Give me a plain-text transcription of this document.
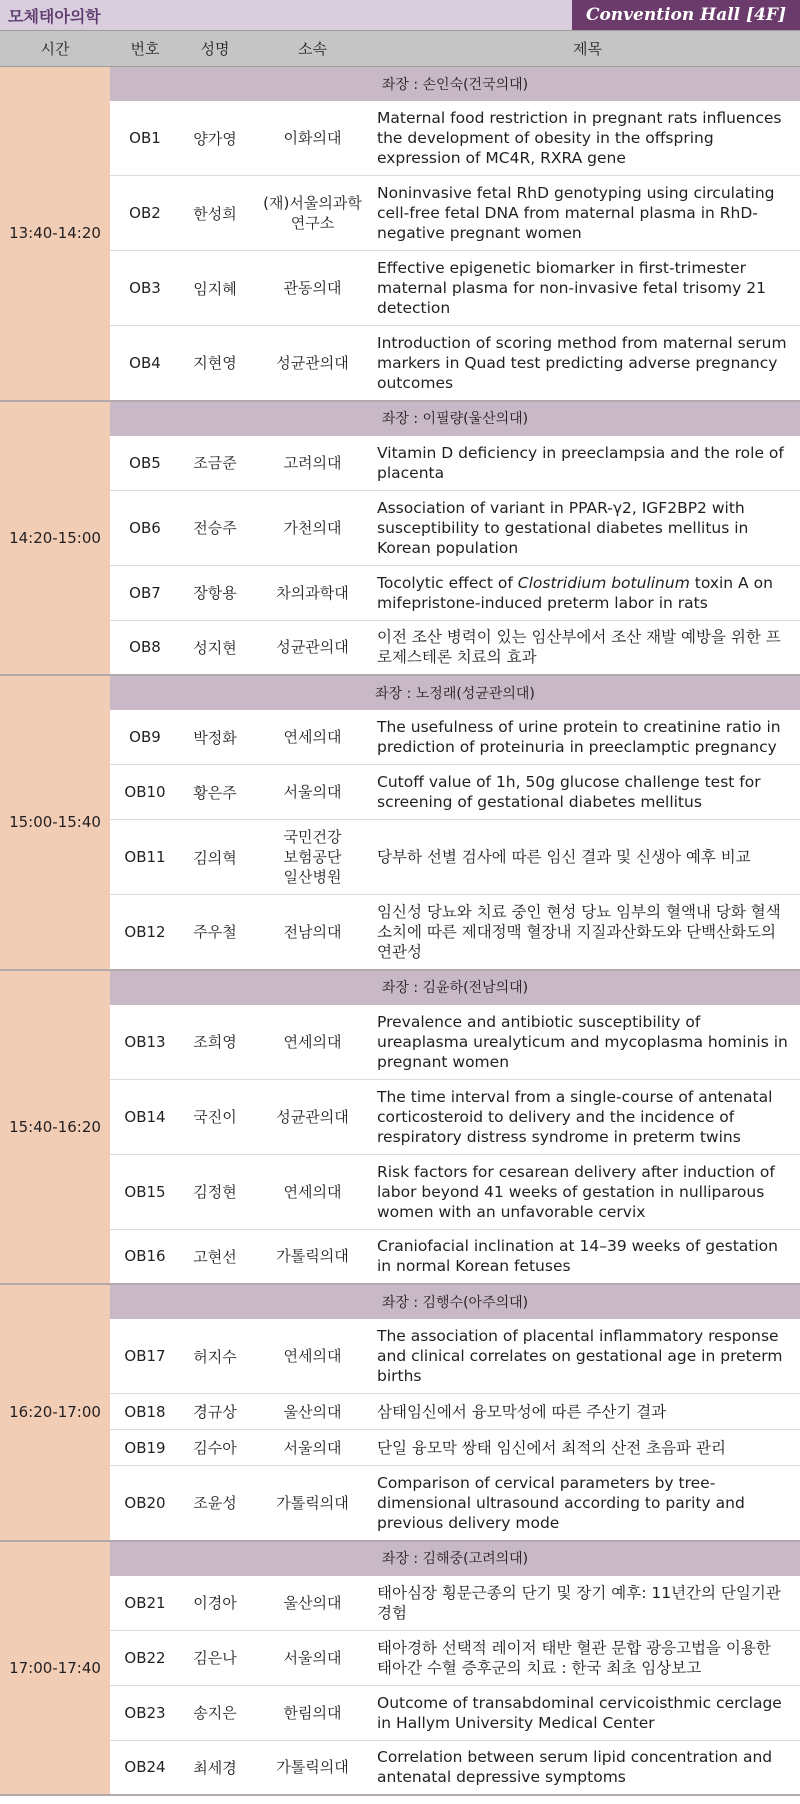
모체태아의학	Convention Hall [4F]
시간	번호	성명	소속	제목
13:40-14:20	좌장 : 손인숙(건국의대)			
	OB1	양가영	이화의대	Maternal food restriction in pregnant rats influences the development of obesity in the offspring expression of MC4R, RXRA gene
	OB2	한성희	(재)서울의과학연구소	Noninvasive fetal RhD genotyping using circulating cell-free fetal DNA from maternal plasma in RhD-negative pregnant women
	OB3	임지혜	관동의대	Effective epigenetic biomarker in first-trimester maternal plasma for non-invasive fetal trisomy 21 detection
	OB4	지현영	성균관의대	Introduction of scoring method from maternal serum markers in Quad test predicting adverse pregnancy outcomes
14:20-15:00	좌장 : 이필량(울산의대)			
	OB5	조금준	고려의대	Vitamin D deficiency in preeclampsia and the role of placenta
	OB6	전승주	가천의대	Association of variant in PPAR-γ2, IGF2BP2 with susceptibility to gestational diabetes mellitus in Korean population
	OB7	장항용	차의과학대	Tocolytic effect of Clostridium botulinum toxin A on mifepristone-induced preterm labor in rats
	OB8	성지현	성균관의대	이전 조산 병력이 있는 임산부에서 조산 재발 예방을 위한 프로제스테론 치료의 효과
15:00-15:40	좌장 : 노정래(성균관의대)			
	OB9	박정화	연세의대	The usefulness of urine protein to creatinine ratio in prediction of proteinuria in preeclamptic pregnancy
	OB10	황은주	서울의대	Cutoff value of 1h, 50g glucose challenge test for screening of gestational diabetes mellitus
	OB11	김의혁	국민건강보험공단일산병원	당부하 선별 검사에 따른 임신 결과 및 신생아 예후 비교
	OB12	주우철	전남의대	임신성 당뇨와 치료 중인 현성 당뇨 임부의 혈액내 당화 혈색소치에 따른 제대정맥 혈장내 지질과산화도와 단백산화도의 연관성
15:40-16:20	좌장 : 김윤하(전남의대)			
	OB13	조희영	연세의대	Prevalence and antibiotic susceptibility of ureaplasma urealyticum and mycoplasma hominis in pregnant women
	OB14	국진이	성균관의대	The time interval from a single-course of antenatal corticosteroid to delivery and the incidence of respiratory distress syndrome in preterm twins
	OB15	김정현	연세의대	Risk factors for cesarean delivery after induction of labor beyond 41 weeks of gestation in nulliparous women with an unfavorable cervix
	OB16	고현선	가톨릭의대	Craniofacial inclination at 14–39 weeks of gestation in normal Korean fetuses
16:20-17:00	좌장 : 김행수(아주의대)			
	OB17	허지수	연세의대	The association of placental inflammatory response and clinical correlates on gestational age in preterm births
	OB18	경규상	울산의대	삼태임신에서 융모막성에 따른 주산기 결과
	OB19	김수아	서울의대	단일 융모막 쌍태 임신에서 최적의 산전 초음파 관리
	OB20	조윤성	가톨릭의대	Comparison of cervical parameters by tree-dimensional ultrasound according to parity and previous delivery mode
17:00-17:40	좌장 : 김해중(고려의대)			
	OB21	이경아	울산의대	태아심장 횡문근종의 단기 및 장기 예후: 11년간의 단일기관 경험
	OB22	김은나	서울의대	태아경하 선택적 레이저 태반 혈관 문합 광응고법을 이용한 태아간 수혈 증후군의 치료 : 한국 최초 임상보고
	OB23	송지은	한림의대	Outcome of transabdominal cervicoisthmic cerclage in Hallym University Medical Center
	OB24	최세경	가톨릭의대	Correlation between serum lipid concentration and antenatal depressive symptoms
